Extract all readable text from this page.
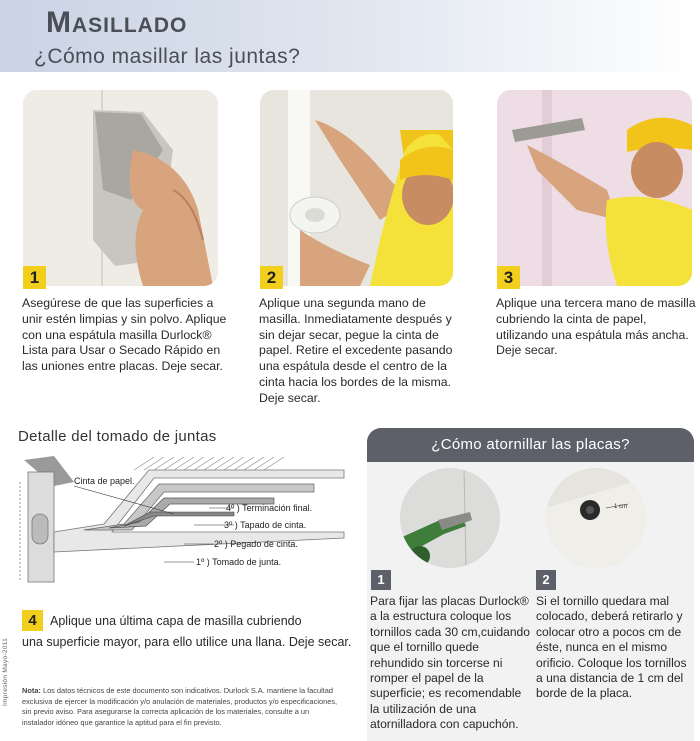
Masillado
¿Cómo masillar las juntas?
1	2	3
Asegúrese de que las superficies a unir estén limpias y sin polvo. Aplique con una espátula masilla Durlock® Lista para Usar o Secado Rápido en las uniones entre placas. Deje secar.
Aplique una segunda mano de masilla. Inmediatamente después y sin dejar secar, pegue la cinta de papel. Retire el excedente pasando una espátula desde el centro de la cinta hacia los bordes de la misma. Deje secar.
Aplique una tercera mano de masilla cubriendo la cinta de papel, utilizando una espátula más ancha. Deje secar.
Detalle del tomado de juntas
Cinta de papel.
4º ) Terminación final.
3º ) Tapado de cinta.
2º ) Pegado de cinta.
1º ) Tomado de junta.
4	Aplique una última capa de masilla cubriendo
una superficie mayor, para ello utilice una llana. Deje secar.
Nota: Los datos técnicos de este documento son indicativos. Durlock S.A. mantiene la facultad exclusiva de ejercer la modificación y/o anulación de materiales, productos y/o especificaciones, sin previo aviso. Para asegurarse la correcta aplicación de los materiales, consulte a un instalador idóneo que garantice la aptitud para el fin previsto.
Impresión Mayo-2011
¿Cómo atornillar las placas?
1 cm
1	2
Para fijar las placas Durlock® a la estructura coloque los tornillos cada 30 cm,cuidando que el tornillo quede rehundido sin torcerse ni romper el papel de la superficie; es recomendable la utilización de una atornilladora con capuchón.
Si el tornillo quedara mal colocado, deberá retirarlo y colocar otro a pocos cm de éste, nunca en el mismo orificio. Coloque los tornillos a una distancia de 1 cm del borde de la placa.
